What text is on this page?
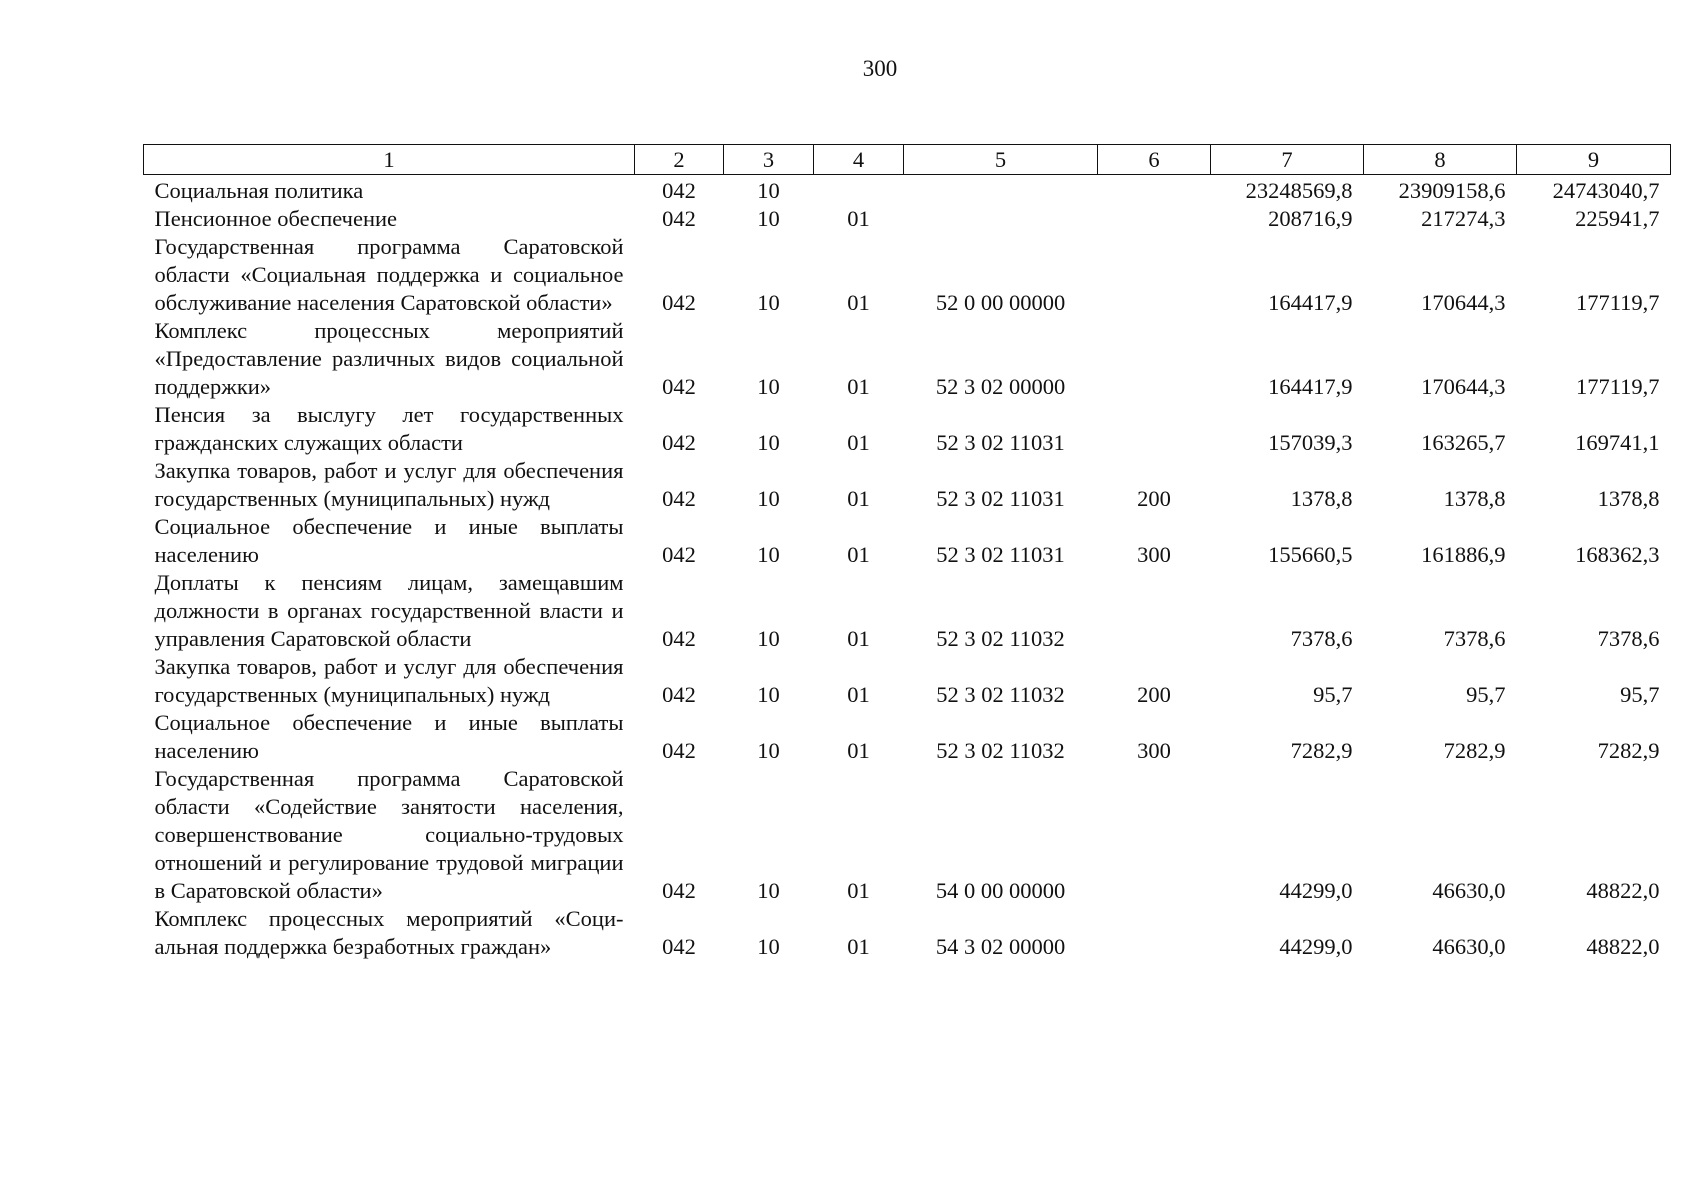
300
1	2	3	4	5	6	7	8	9
Социальная политика	042	10				23248569,8	23909158,6	24743040,7
Пенсионное обеспечение	042	10	01			208716,9	217274,3	225941,7
Государственная программа Саратовской области «Социальная поддержка и социальное обслуживание населения Саратовской области»	042	10	01	52 0 00 00000		164417,9	170644,3	177119,7
Комплекс процессных мероприятий «Предоставление различных видов социальной поддержки»	042	10	01	52 3 02 00000		164417,9	170644,3	177119,7
Пенсия за выслугу лет государственных гражданских служащих области	042	10	01	52 3 02 11031		157039,3	163265,7	169741,1
Закупка товаров, работ и услуг для обеспечения государственных (муниципальных) нужд	042	10	01	52 3 02 11031	200	1378,8	1378,8	1378,8
Социальное обеспечение и иные выплаты населению	042	10	01	52 3 02 11031	300	155660,5	161886,9	168362,3
Доплаты к пенсиям лицам, замещавшим должности в органах государственной власти и управления Саратовской области	042	10	01	52 3 02 11032		7378,6	7378,6	7378,6
Закупка товаров, работ и услуг для обеспечения государственных (муниципальных) нужд	042	10	01	52 3 02 11032	200	95,7	95,7	95,7
Социальное обеспечение и иные выплаты населению	042	10	01	52 3 02 11032	300	7282,9	7282,9	7282,9
Государственная программа Саратовской области «Содействие занятости населения, совершенствование социально-трудовых отношений и регулирование трудовой миграции в Саратовской области»	042	10	01	54 0 00 00000		44299,0	46630,0	48822,0
Комплекс процессных мероприятий «Социальная поддержка безработных граждан»	042	10	01	54 3 02 00000		44299,0	46630,0	48822,0
